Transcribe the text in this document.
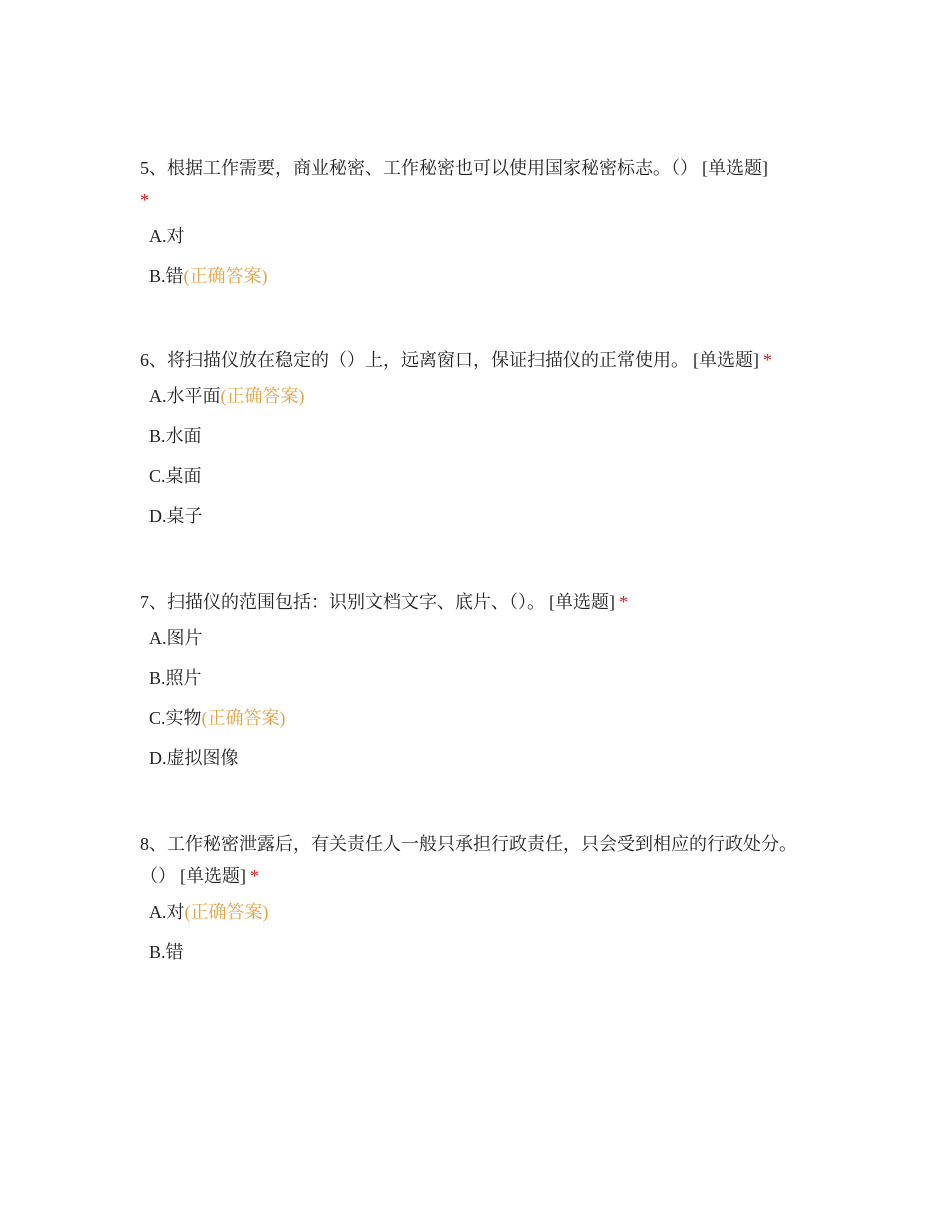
5、根据工作需要，商业秘密、工作秘密也可以使用国家秘密标志。（） [单选题]
*

A.对
B.错(正确答案)

6、将扫描仪放在稳定的（）上，远离窗口，保证扫描仪的正常使用。 [单选题] *

A.水平面(正确答案)
B.水面
C.桌面
D.桌子

7、扫描仪的范围包括：识别文档文字、底片、（）。 [单选题] *

A.图片
B.照片
C.实物(正确答案)
D.虚拟图像

8、工作秘密泄露后，有关责任人一般只承担行政责任，只会受到相应的行政处分。（） [单选题] *

A.对(正确答案)
B.错
